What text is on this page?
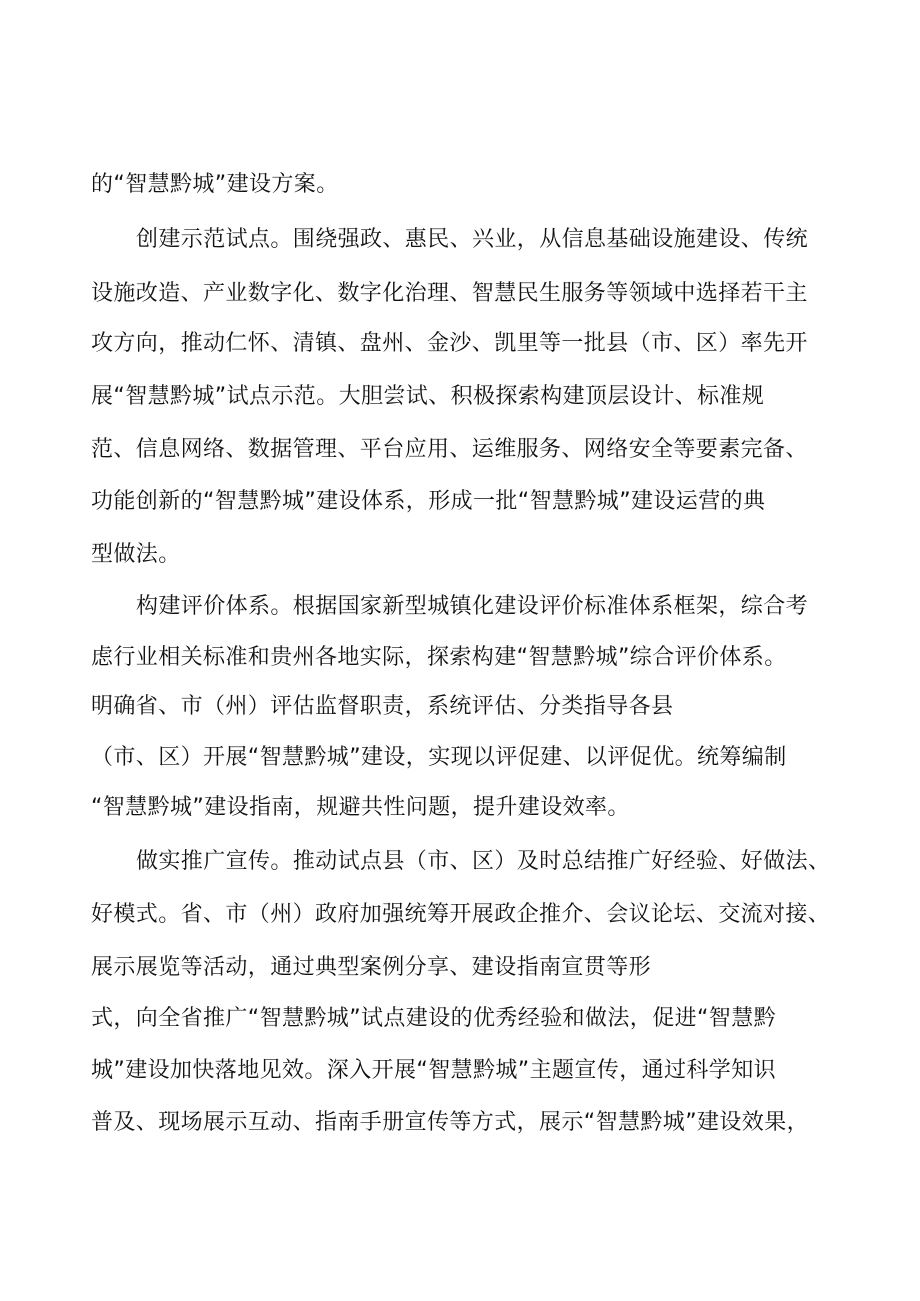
的“智慧黔城”建设方案。
创建示范试点。围绕强政、惠民、兴业，从信息基础设施建设、传统
设施改造、产业数字化、数字化治理、智慧民生服务等领域中选择若干主
攻方向，推动仁怀、清镇、盘州、金沙、凯里等一批县（市、区）率先开
展“智慧黔城”试点示范。大胆尝试、积极探索构建顶层设计、标准规
范、信息网络、数据管理、平台应用、运维服务、网络安全等要素完备、
功能创新的“智慧黔城”建设体系，形成一批“智慧黔城”建设运营的典
型做法。
构建评价体系。根据国家新型城镇化建设评价标准体系框架，综合考
虑行业相关标准和贵州各地实际，探索构建“智慧黔城”综合评价体系。
明确省、市（州）评估监督职责，系统评估、分类指导各县
（市、区）开展“智慧黔城”建设，实现以评促建、以评促优。统筹编制
“智慧黔城”建设指南，规避共性问题，提升建设效率。
做实推广宣传。推动试点县（市、区）及时总结推广好经验、好做法、
好模式。省、市（州）政府加强统筹开展政企推介、会议论坛、交流对接、
展示展览等活动，通过典型案例分享、建设指南宣贯等形
式，向全省推广“智慧黔城”试点建设的优秀经验和做法，促进“智慧黔
城”建设加快落地见效。深入开展“智慧黔城”主题宣传，通过科学知识
普及、现场展示互动、指南手册宣传等方式，展示“智慧黔城”建设效果，
